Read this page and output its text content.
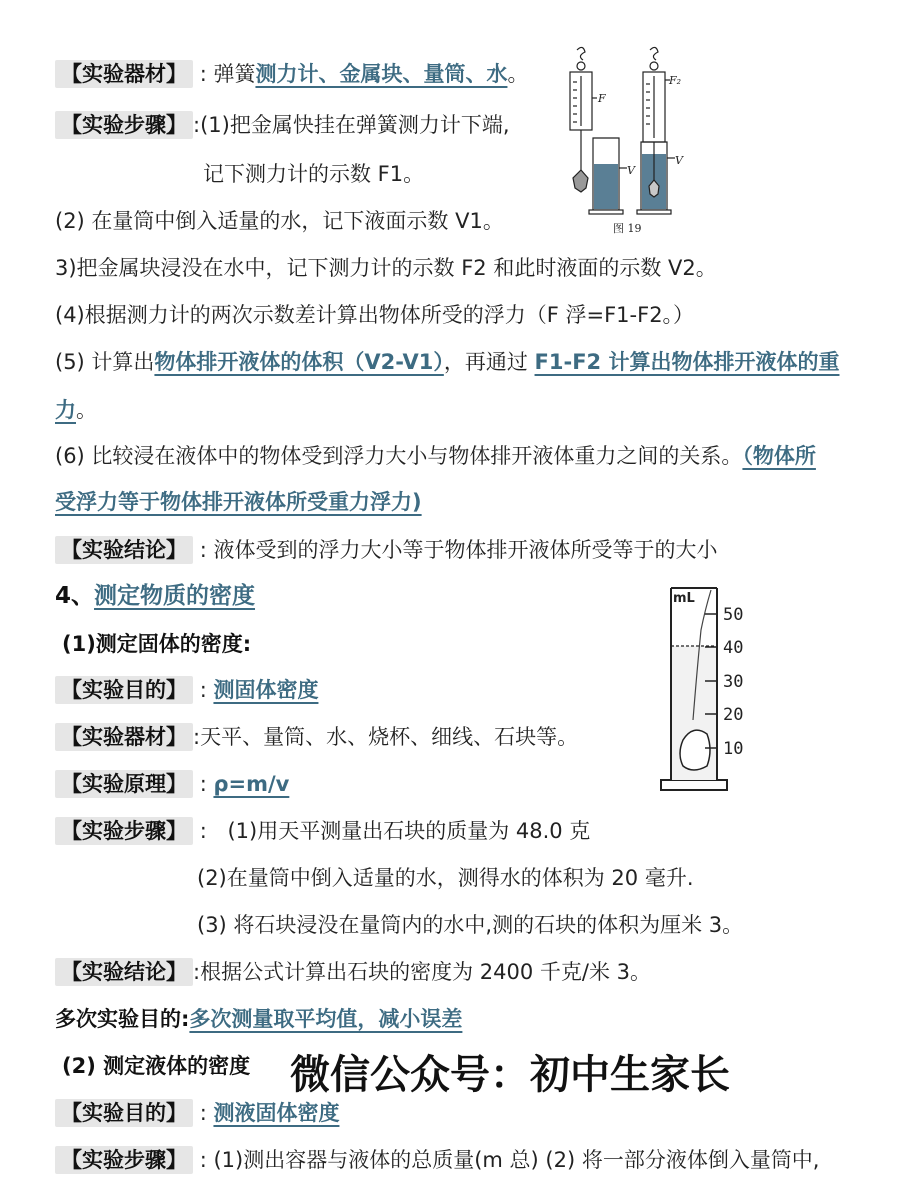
【实验器材】 : 弹簧测力计、金属块、量筒、水。
【实验步骤】 :(1)把金属快挂在弹簧测力计下端,
记下测力计的示数 F1。
(2) 在量筒中倒入适量的水，记下液面示数 V1。
3)把金属块浸没在水中，记下测力计的示数 F2 和此时液面的示数 V2。
(4)根据测力计的两次示数差计算出物体所受的浮力（F 浮=F1-F2。）
(5) 计算出物体排开液体的体积（V2-V1），再通过 F1-F2 计算出物体排开液体的重
力。
(6) 比较浸在液体中的物体受到浮力大小与物体排开液体重力之间的关系。（物体所
受浮力等于物体排开液体所受重力浮力)
【实验结论】 : 液体受到的浮力大小等于物体排开液体所受等于的大小
4、测定物质的密度
(1)测定固体的密度:
【实验目的】 : 测固体密度
【实验器材】 :天平、量筒、水、烧杯、细线、石块等。
【实验原理】 : ρ=m/v
【实验步骤】 : (1)用天平测量出石块的质量为 48.0 克
(2)在量筒中倒入适量的水，测得水的体积为 20 毫升.
(3) 将石块浸没在量筒内的水中,测的石块的体积为厘米 3。
【实验结论】 :根据公式计算出石块的密度为 2400 千克/米 3。
多次实验目的:多次测量取平均值，减小误差
(2) 测定液体的密度 微信公众号：初中生家长
【实验目的】 : 测液固体密度
【实验步骤】 : (1)测出容器与液体的总质量(m 总) (2) 将一部分液体倒入量筒中,
F
V
F₂
V
图 19
mL
50
40
30
20
10
